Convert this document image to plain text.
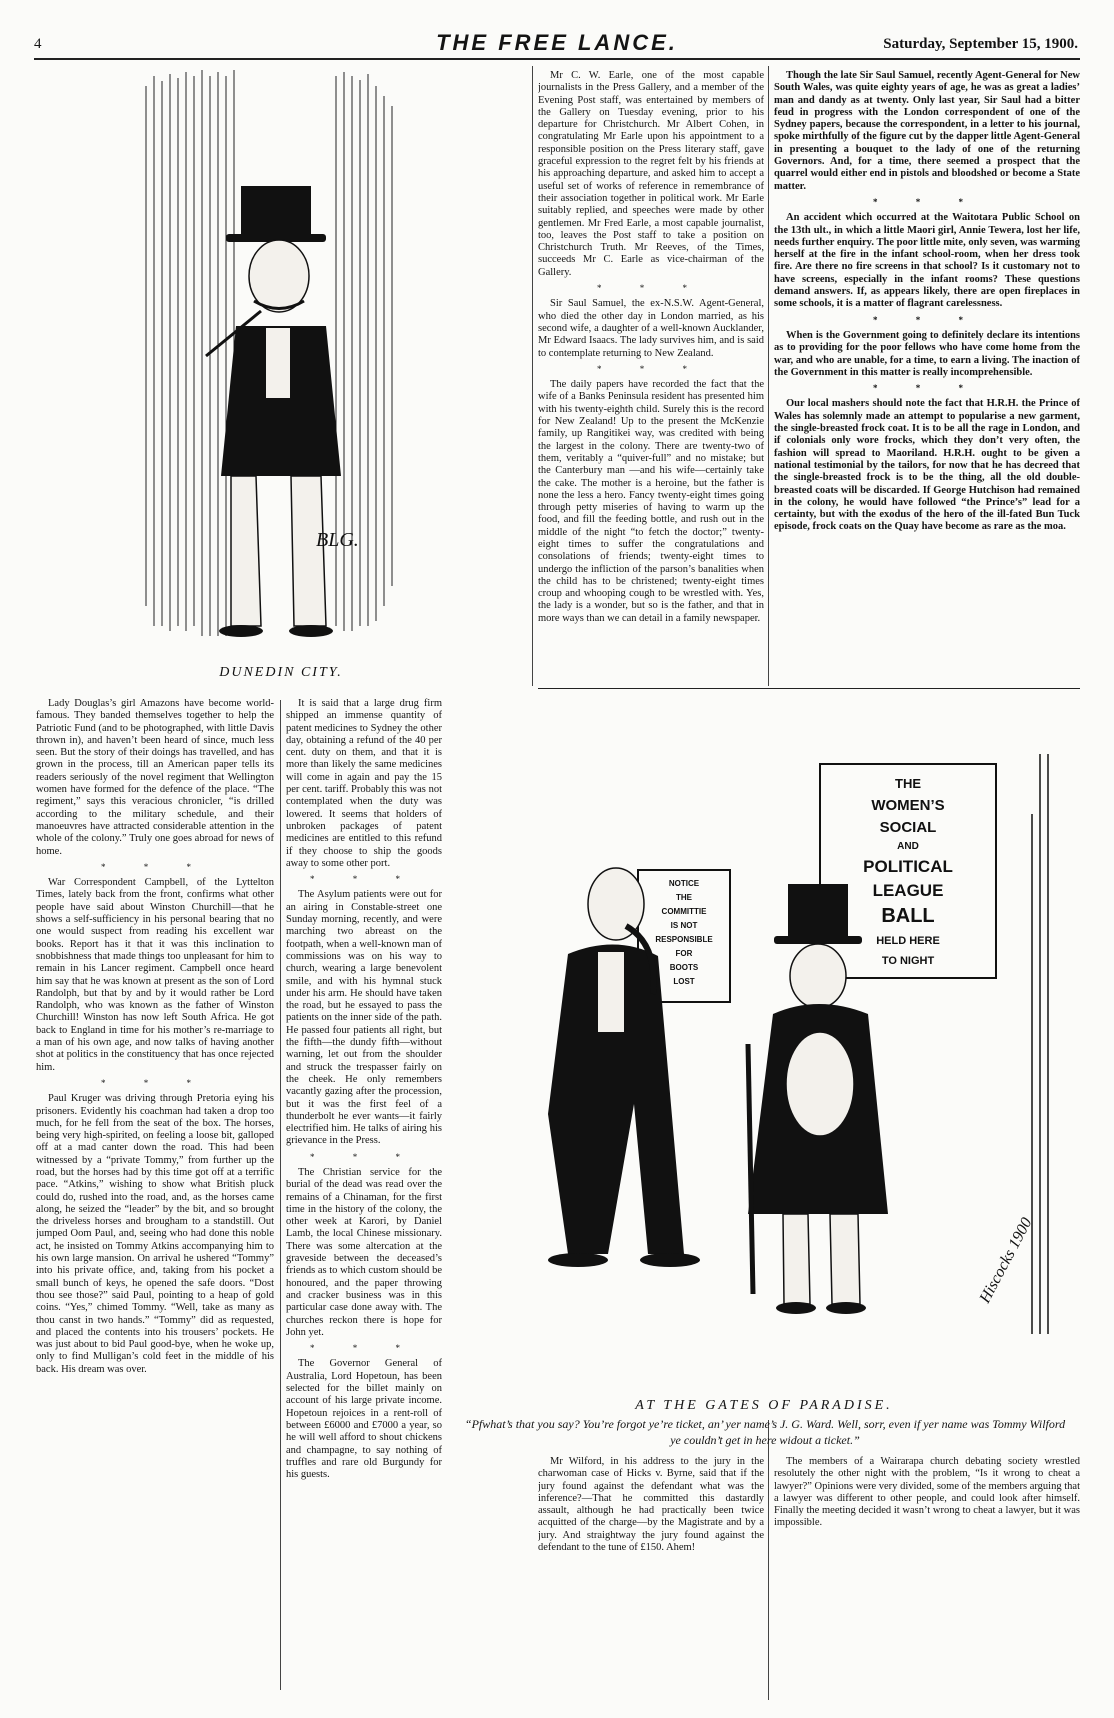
4	THE FREE LANCE.	Saturday, September 15, 1900.
BLG.
DUNEDIN CITY.

Mr C. W. Earle, one of the most capable journalists in the Press Gallery, and a member of the Evening Post staff, was entertained by members of the Gallery on Tuesday evening, prior to his departure for Christchurch. Mr Albert Cohen, in congratulating Mr Earle upon his appointment to a responsible position on the Press literary staff, gave graceful expression to the regret felt by his friends at his approaching departure, and asked him to accept a useful set of works of reference in remembrance of their association together in political work. Mr Earle suitably replied, and speeches were made by other gentlemen. Mr Fred Earle, a most capable journalist, too, leaves the Post staff to take a position on Christchurch Truth. Mr Reeves, of the Times, succeeds Mr C. Earle as vice-chairman of the Gallery.

* * *

Sir Saul Samuel, the ex-N.S.W. Agent-General, who died the other day in London married, as his second wife, a daughter of a well-known Aucklander, Mr Edward Isaacs. The lady survives him, and is said to contemplate returning to New Zealand.

* * *

The daily papers have recorded the fact that the wife of a Banks Peninsula resident has presented him with his twenty-eighth child. Surely this is the record for New Zealand! Up to the present the McKenzie family, up Rangitikei way, was credited with being the largest in the colony. There are twenty-two of them, veritably a “quiver-full” and no mistake; but the Canterbury man —and his wife—certainly take the cake. The mother is a heroine, but the father is none the less a hero. Fancy twenty-eight times going through petty miseries of having to warm up the food, and fill the feeding bottle, and rush out in the middle of the night “to fetch the doctor;” twenty-eight times to suffer the congratulations and consolations of friends; twenty-eight times to undergo the infliction of the parson’s banalities when the child has to be christened; twenty-eight times croup and whooping cough to be wrestled with. Yes, the lady is a wonder, but so is the father, and that in more ways than we can detail in a family newspaper.

Though the late Sir Saul Samuel, recently Agent-General for New South Wales, was quite eighty years of age, he was as great a ladies’ man and dandy as at twenty. Only last year, Sir Saul had a bitter feud in progress with the London correspondent of one of the Sydney papers, because the correspondent, in a letter to his journal, spoke mirthfully of the figure cut by the dapper little Agent-General in presenting a bouquet to the lady of one of the returning Governors. And, for a time, there seemed a prospect that the quarrel would either end in pistols and bloodshed or become a State matter.

* * *

An accident which occurred at the Waitotara Public School on the 13th ult., in which a little Maori girl, Annie Tewera, lost her life, needs further enquiry. The poor little mite, only seven, was warming herself at the fire in the infant school-room, when her dress took fire. Are there no fire screens in that school? Is it customary not to have screens, especially in the infant rooms? These questions demand answers. If, as appears likely, there are open fireplaces in some schools, it is a matter of flagrant carelessness.

* * *

When is the Government going to definitely declare its intentions as to providing for the poor fellows who have come home from the war, and who are unable, for a time, to earn a living. The inaction of the Government in this matter is really incomprehensible.

* * *

Our local mashers should note the fact that H.R.H. the Prince of Wales has solemnly made an attempt to popularise a new garment, the single-breasted frock coat. It is to be all the rage in London, and if colonials only wore frocks, which they don’t very often, the fashion will spread to Maoriland. H.R.H. ought to be given a national testimonial by the tailors, for now that he has decreed that the single-breasted frock is to be the thing, all the old double-breasted coats will be discarded. If George Hutchison had remained in the colony, he would have followed “the Prince’s” lead for a certainty, but with the exodus of the hero of the ill-fated Bun Tuck episode, frock coats on the Quay have become as rare as the moa.

Lady Douglas’s girl Amazons have become world-famous. They banded themselves together to help the Patriotic Fund (and to be photographed, with little Davis thrown in), and haven’t been heard of since, much less seen. But the story of their doings has travelled, and has grown in the process, till an American paper tells its readers seriously of the novel regiment that Wellington women have formed for the defence of the place. “The regiment,” says this veracious chronicler, “is drilled according to the military schedule, and their manoeuvres have attracted considerable attention in the whole of the colony.” Truly one goes abroad for news of home.

* * *

War Correspondent Campbell, of the Lyttelton Times, lately back from the front, confirms what other people have said about Winston Churchill—that he shows a self-sufficiency in his personal bearing that no one would suspect from reading his excellent war books. Report has it that it was this inclination to snobbishness that made things too unpleasant for him to remain in his Lancer regiment. Campbell once heard him say that he was known at present as the son of Lord Randolph, but that by and by it would rather be Lord Randolph, who was known as the father of Winston Churchill! Winston has now left South Africa. He got back to England in time for his mother’s re-marriage to a man of his own age, and now talks of having another shot at politics in the constituency that has once rejected him.

* * *

Paul Kruger was driving through Pretoria eying his prisoners. Evidently his coachman had taken a drop too much, for he fell from the seat of the box. The horses, being very high-spirited, on feeling a loose bit, galloped off at a mad canter down the road. This had been witnessed by a “private Tommy,” from further up the road, but the horses had by this time got off at a terrific pace. “Atkins,” wishing to show what British pluck could do, rushed into the road, and, as the horses came along, he seized the “leader” by the bit, and so brought the driveless horses and brougham to a standstill. Out jumped Oom Paul, and, seeing who had done this noble act, he insisted on Tommy Atkins accompanying him to his own large mansion. On arrival he ushered “Tommy” into his private office, and, taking from his pocket a small bunch of keys, he opened the safe doors. “Dost thou see those?” said Paul, pointing to a heap of gold coins. “Yes,” chimed Tommy. “Well, take as many as thou canst in two hands.” “Tommy” did as requested, and placed the contents into his trousers’ pockets. He was just about to bid Paul good-bye, when he woke up, only to find Mulligan’s cold feet in the middle of his back. His dream was over.

It is said that a large drug firm shipped an immense quantity of patent medicines to Sydney the other day, obtaining a refund of the 40 per cent. duty on them, and that it is more than likely the same medicines will come in again and pay the 15 per cent. tariff. Probably this was not contemplated when the duty was lowered. It seems that holders of unbroken packages of patent medicines are entitled to this refund if they choose to ship the goods away to some other port.

* * *

The Asylum patients were out for an airing in Constable-street one Sunday morning, recently, and were marching two abreast on the footpath, when a well-known man of commissions was on his way to church, wearing a large benevolent smile, and with his hymnal stuck under his arm. He should have taken the road, but he essayed to pass the patients on the inner side of the path. He passed four patients all right, but the fifth—the dundy fifth—without warning, let out from the shoulder and struck the trespasser fairly on the cheek. He only remembers vacantly gazing after the procession, but it was the first feel of a thunderbolt he ever wants—it fairly electrified him. He talks of airing his grievance in the Press.

* * *

The Christian service for the burial of the dead was read over the remains of a Chinaman, for the first time in the history of the colony, the other week at Karori, by Daniel Lamb, the local Chinese missionary. There was some altercation at the graveside between the deceased’s friends as to which custom should be honoured, and the paper throwing and cracker business was in this particular case done away with. The churches reckon there is hope for John yet.

* * *

The Governor General of Australia, Lord Hopetoun, has been selected for the billet mainly on account of his large private income. Hopetoun rejoices in a rent-roll of between £6000 and £7000 a year, so he will well afford to shout chickens and champagne, to say nothing of truffles and rare old Burgundy for his guests.

NOTICE
THE
COMMITTIE
IS NOT
RESPONSIBLE
FOR
BOOTS
LOST
THE
WOMEN’S
SOCIAL
AND
POLITICAL
LEAGUE
BALL
HELD HERE
TO NIGHT
Hiscocks 1900
AT THE GATES OF PARADISE.
“Pfwhat’s that you say? You’re forgot ye’re ticket, an’ yer name’s J. G. Ward. Well, sorr, even if yer name was Tommy Wilford ye couldn’t get in here widout a ticket.”

Mr Wilford, in his address to the jury in the charwoman case of Hicks v. Byrne, said that if the jury found against the defendant what was the inference?—That he committed this dastardly assault, although he had practically been twice acquitted of the charge—by the Magistrate and by a jury. And straightway the jury found against the defendant to the tune of £150. Ahem!

The members of a Wairarapa church debating society wrestled resolutely the other night with the problem, “Is it wrong to cheat a lawyer?” Opinions were very divided, some of the members arguing that a lawyer was different to other people, and could look after himself. Finally the meeting decided it wasn’t wrong to cheat a lawyer, but it was impossible.
